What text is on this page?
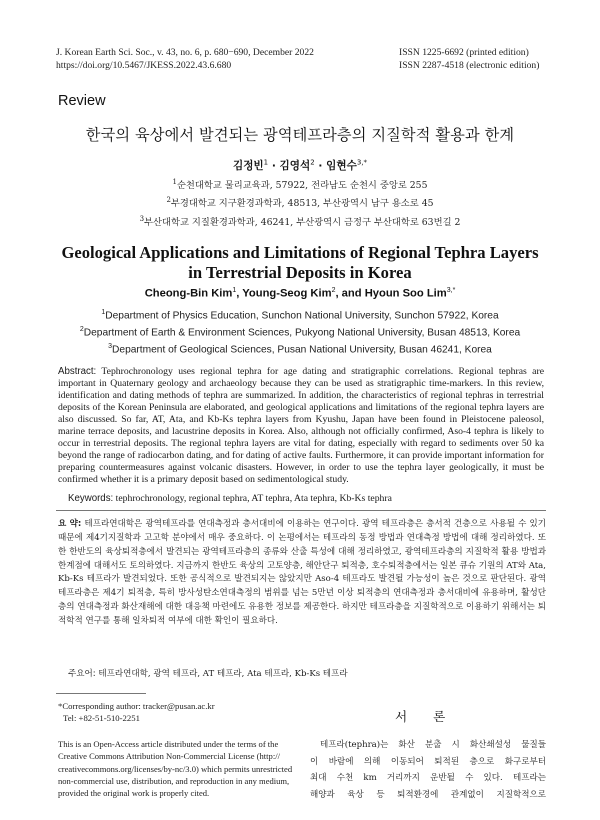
J. Korean Earth Sci. Soc., v. 43, no. 6, p. 680−690, December 2022
https://doi.org/10.5467/JKESS.2022.43.6.680
ISSN 1225-6692 (printed edition)
ISSN 2287-4518 (electronic edition)
Review
한국의 육상에서 발견되는 광역테프라층의 지질학적 활용과 한계
김정빈$^1$ · 김영석$^2$ · 임현수$^{3,*}$
$^1$순천대학교 물리교육과, 57922, 전라남도 순천시 중앙로 255
$^2$부경대학교 지구환경과학과, 48513, 부산광역시 남구 용소로 45
$^3$부산대학교 지질환경과학과, 46241, 부산광역시 금정구 부산대학로 63번길 2
Geological Applications and Limitations of Regional Tephra Layers
in Terrestrial Deposits in Korea
Cheong-Bin Kim$^1$, Young-Seog Kim$^2$, and Hyoun Soo Lim$^{3,*}$
$^1$Department of Physics Education, Sunchon National University, Sunchon 57922, Korea
$^2$Department of Earth & Environment Sciences, Pukyong National University, Busan 48513, Korea
$^3$Department of Geological Sciences, Pusan National University, Busan 46241, Korea
Abstract: Tephrochronology uses regional tephra for age dating and stratigraphic correlations. Regional tephras are important in Quaternary geology and archaeology because they can be used as stratigraphic time-markers. In this review, identification and dating methods of tephra are summarized. In addition, the characteristics of regional tephras in terrestrial deposits of the Korean Peninsula are elaborated, and geological applications and limitations of the regional tephra layers are also discussed. So far, AT, Ata, and Kb-Ks tephra layers from Kyushu, Japan have been found in Pleistocene paleosol, marine terrace deposits, and lacustrine deposits in Korea. Also, although not officially confirmed, Aso-4 tephra is likely to occur in terrestrial deposits. The regional tephra layers are vital for dating, especially with regard to sediments over 50 ka beyond the range of radiocarbon dating, and for dating of active faults. Furthermore, it can provide important information for preparing countermeasures against volcanic disasters. However, in order to use the tephra layer geologically, it must be confirmed whether it is a primary deposit based on sedimentological study.
Keywords: tephrochronology, regional tephra, AT tephra, Ata tephra, Kb-Ks tephra
요 약: 테프라연대학은 광역테프라를 연대측정과 층서대비에 이용하는 연구이다. 광역 테프라층은 층서적 건층으로 사용될 수 있기 때문에 제4기지질학과 고고학 분야에서 매우 중요하다. 이 논평에서는 테프라의 동정 방법과 연대측정 방법에 대해 정리하였다. 또한 한반도의 육상퇴적층에서 발견되는 광역테프라층의 종류와 산출 특성에 대해 정리하였고, 광역테프라층의 지질학적 활용 방법과 한계점에 대해서도 토의하였다. 지금까지 한반도 육상의 고토양층, 해안단구 퇴적층, 호수퇴적층에서는 일본 큐슈 기원의 AT와 Ata, Kb-Ks 테프라가 발견되었다. 또한 공식적으로 발견되지는 않았지만 Aso-4 테프라도 발견될 가능성이 높은 것으로 판단된다. 광역테프라층은 제4기 퇴적층, 특히 방사성탄소연대측정의 범위를 넘는 5만년 이상 퇴적층의 연대측정과 층서대비에 유용하며, 활성단층의 연대측정과 화산재해에 대한 대응책 마련에도 유용한 정보를 제공한다. 하지만 테프라층을 지질학적으로 이용하기 위해서는 퇴적학적 연구를 통해 일차퇴적 여부에 대한 확인이 필요하다.
주요어: 테프라연대학, 광역 테프라, AT 테프라, Ata 테프라, Kb-Ks 테프라
*Corresponding author: tracker@pusan.ac.kr
Tel: +82-51-510-2251
This is an Open-Access article distributed under the terms of the
Creative Commons Attribution Non-Commercial License (http://
creativecommons.org/licenses/by-nc/3.0) which permits unrestricted
non-commercial use, distribution, and reproduction in any medium,
provided the original work is properly cited.
서 론
테프라(tephra)는 화산 분출 시 화산쇄설성 물질들
이 바람에 의해 이동되어 퇴적된 층으로 화구로부터
최대 수천 km 거리까지 운반될 수 있다. 테프라는
해양과 육상 등 퇴적환경에 관계없이 지질학적으로
